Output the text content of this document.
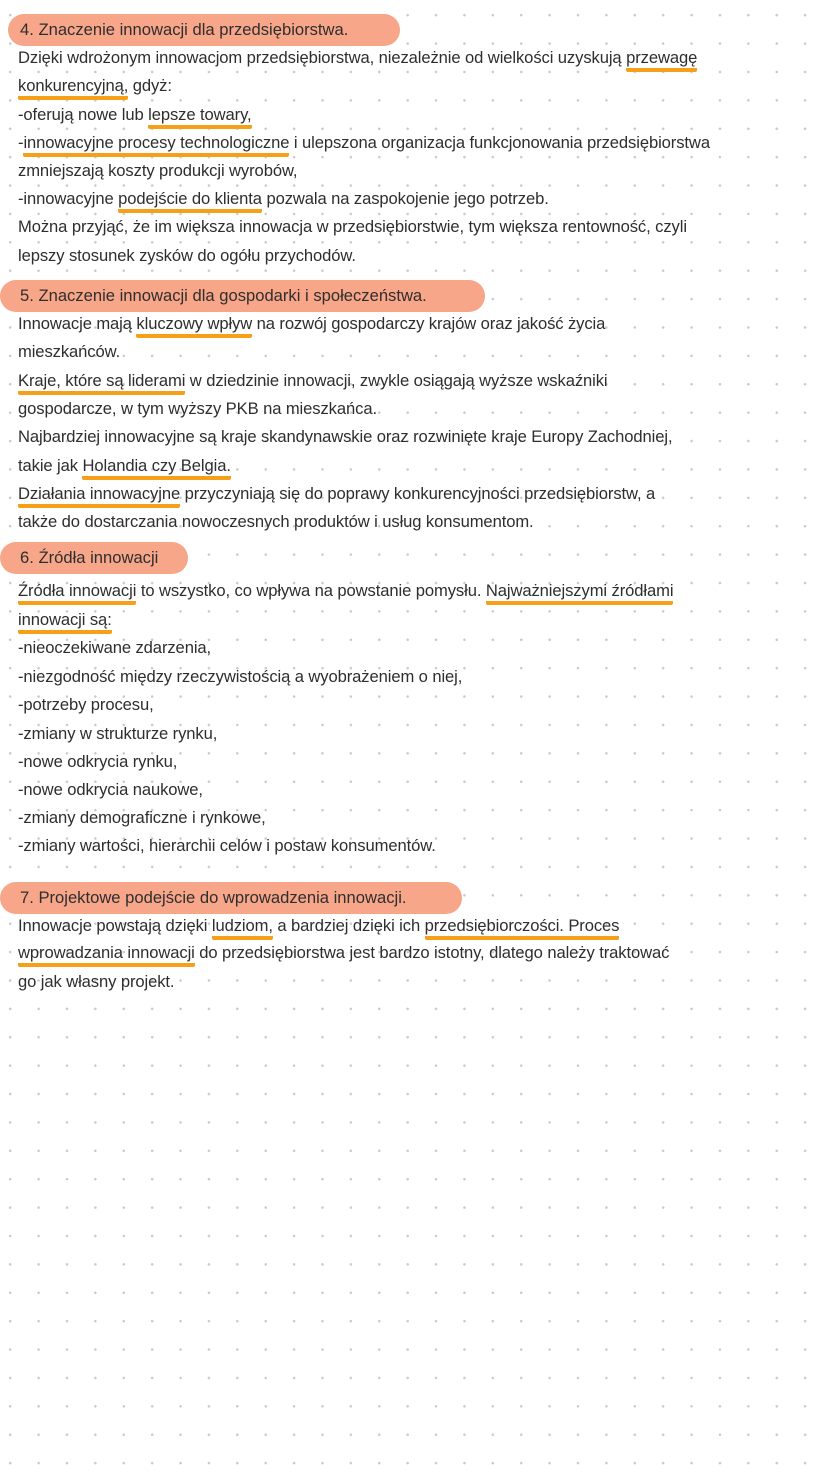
4. Znaczenie innowacji dla przedsiębiorstwa.
Dzięki wdrożonym innowacjom przedsiębiorstwa, niezależnie od wielkości uzyskują przewagę
konkurencyjną, gdyż:
-oferują nowe lub lepsze towary,
-innowacyjne procesy technologiczne i ulepszona organizacja funkcjonowania przedsiębiorstwa
zmniejszają koszty produkcji wyrobów,
-innowacyjne podejście do klienta pozwala na zaspokojenie jego potrzeb.
Można przyjąć, że im większa innowacja w przedsiębiorstwie, tym większa rentowność, czyli
lepszy stosunek zysków do ogółu przychodów.
5. Znaczenie innowacji dla gospodarki i społeczeństwa.
Innowacje mają kluczowy wpływ na rozwój gospodarczy krajów oraz jakość życia
mieszkańców.
Kraje, które są liderami w dziedzinie innowacji, zwykle osiągają wyższe wskaźniki
gospodarcze, w tym wyższy PKB na mieszkańca.
Najbardziej innowacyjne są kraje skandynawskie oraz rozwinięte kraje Europy Zachodniej,
takie jak Holandia czy Belgia.
Działania innowacyjne przyczyniają się do poprawy konkurencyjności przedsiębiorstw, a
także do dostarczania nowoczesnych produktów i usług konsumentom.
6. Źródła innowacji
Źródła innowacji to wszystko, co wpływa na powstanie pomysłu. Najważniejszymi źródłami
innowacji są:
-nieoczekiwane zdarzenia,
-niezgodność między rzeczywistością a wyobrażeniem o niej,
-potrzeby procesu,
-zmiany w strukturze rynku,
-nowe odkrycia rynku,
-nowe odkrycia naukowe,
-zmiany demograficzne i rynkowe,
-zmiany wartości, hierarchii celów i postaw konsumentów.
7. Projektowe podejście do wprowadzenia innowacji.
Innowacje powstają dzięki ludziom, a bardziej dzięki ich przedsiębiorczości. Proces
wprowadzania innowacji do przedsiębiorstwa jest bardzo istotny, dlatego należy traktować
go jak własny projekt.
